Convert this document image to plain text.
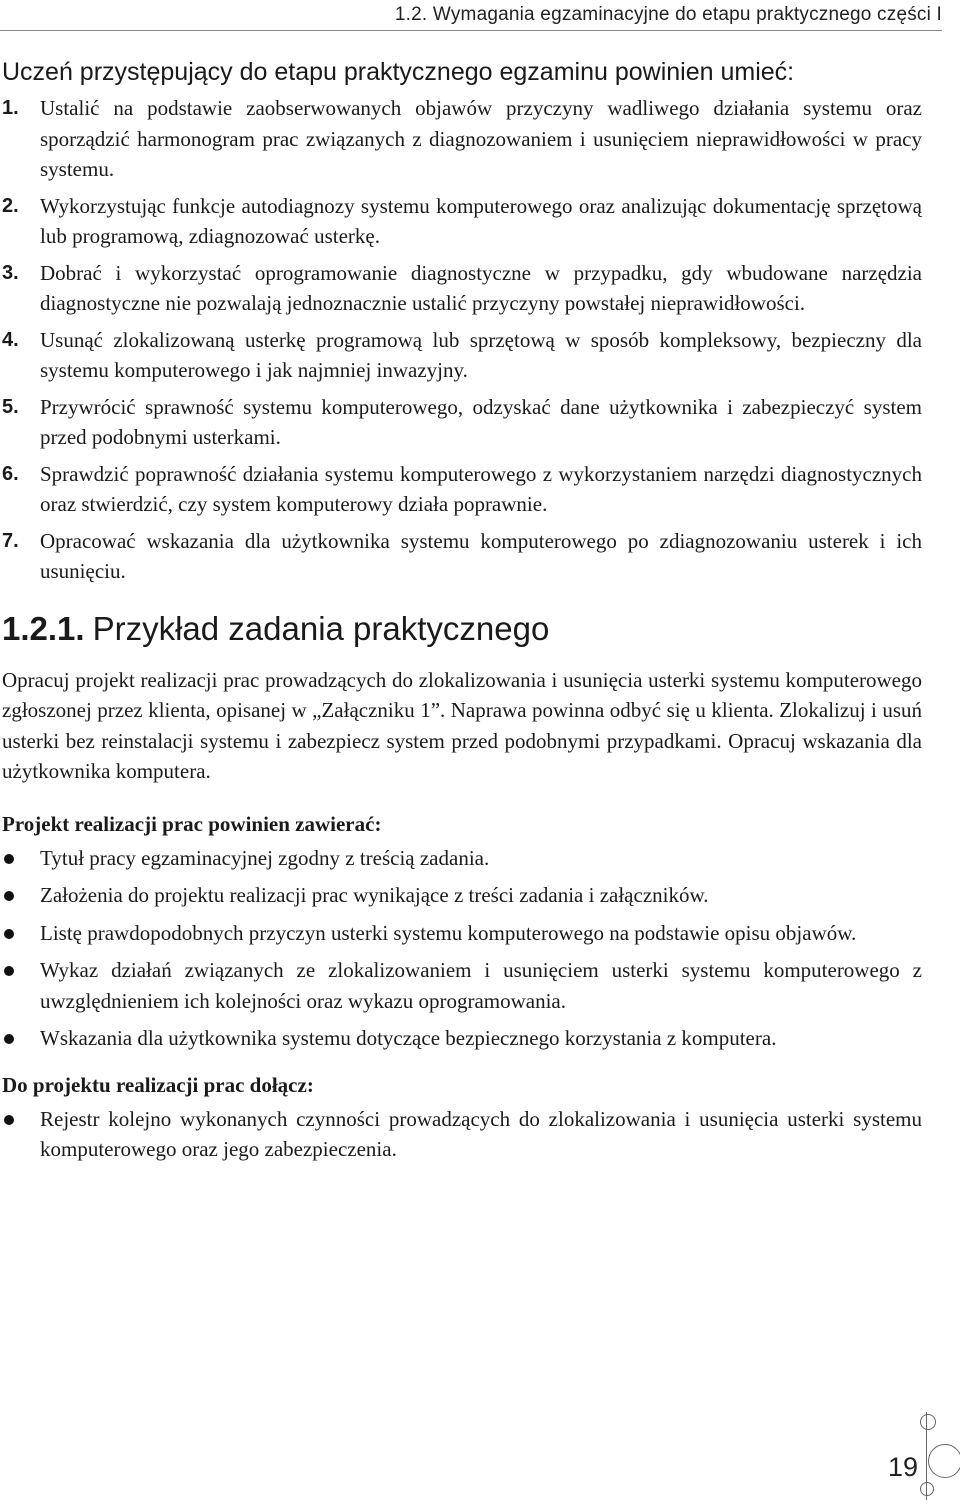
1.2. Wymagania egzaminacyjne do etapu praktycznego części I
Uczeń przystępujący do etapu praktycznego egzaminu powinien umieć:
1. Ustalić na podstawie zaobserwowanych objawów przyczyny wadliwego działania systemu oraz sporządzić harmonogram prac związanych z diagnozowaniem i usunięciem nieprawidłowości w pracy systemu.
2. Wykorzystując funkcje autodiagnozy systemu komputerowego oraz analizując dokumentację sprzętową lub programową, zdiagnozować usterkę.
3. Dobrać i wykorzystać oprogramowanie diagnostyczne w przypadku, gdy wbudowane narzędzia diagnostyczne nie pozwalają jednoznacznie ustalić przyczyny powstałej nieprawidłowości.
4. Usunąć zlokalizowaną usterkę programową lub sprzętową w sposób kompleksowy, bezpieczny dla systemu komputerowego i jak najmniej inwazyjny.
5. Przywrócić sprawność systemu komputerowego, odzyskać dane użytkownika i zabezpieczyć system przed podobnymi usterkami.
6. Sprawdzić poprawność działania systemu komputerowego z wykorzystaniem narzędzi diagnostycznych oraz stwierdzić, czy system komputerowy działa poprawnie.
7. Opracować wskazania dla użytkownika systemu komputerowego po zdiagnozowaniu usterek i ich usunięciu.
1.2.1. Przykład zadania praktycznego

Opracuj projekt realizacji prac prowadzących do zlokalizowania i usunięcia usterki systemu komputerowego zgłoszonej przez klienta, opisanej w „Załączniku 1”. Naprawa powinna odbyć się u klienta. Zlokalizuj i usuń usterki bez reinstalacji systemu i zabezpiecz system przed podobnymi przypadkami. Opracuj wskazania dla użytkownika komputera.

Projekt realizacji prac powinien zawierać:
Tytuł pracy egzaminacyjnej zgodny z treścią zadania.
Założenia do projektu realizacji prac wynikające z treści zadania i załączników.
Listę prawdopodobnych przyczyn usterki systemu komputerowego na podstawie opisu objawów.
Wykaz działań związanych ze zlokalizowaniem i usunięciem usterki systemu komputerowego z uwzględnieniem ich kolejności oraz wykazu oprogramowania.
Wskazania dla użytkownika systemu dotyczące bezpiecznego korzystania z komputera.
Do projektu realizacji prac dołącz:
Rejestr kolejno wykonanych czynności prowadzących do zlokalizowania i usunięcia usterki systemu komputerowego oraz jego zabezpieczenia.
19
